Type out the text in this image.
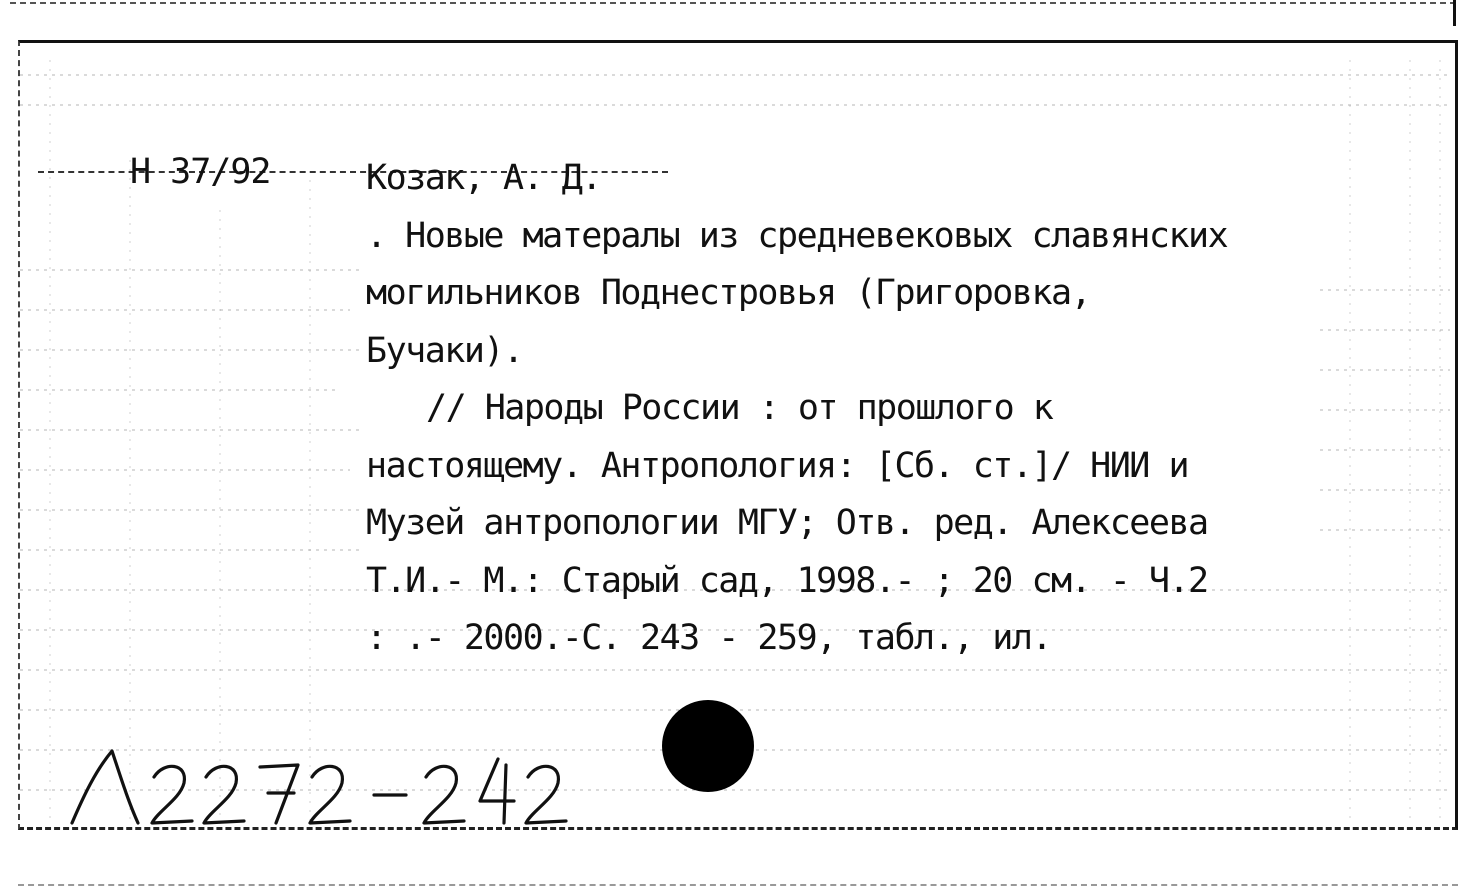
Н 37/92	Козак, А. Д.
. Новые матерaлы из средневековых славянских
могильников Поднестровья (Григоровка,
Бучаки).
// Народы России : от прошлого к
настоящему. Антропология: [Сб. ст.]/ НИИ и
Музей антропологии МГУ; Отв. ред. Алексеева
Т.И.- М.: Старый сад, 1998.- ; 20 см. - Ч.2
: .- 2000.-С. 243 - 259, табл., ил.
